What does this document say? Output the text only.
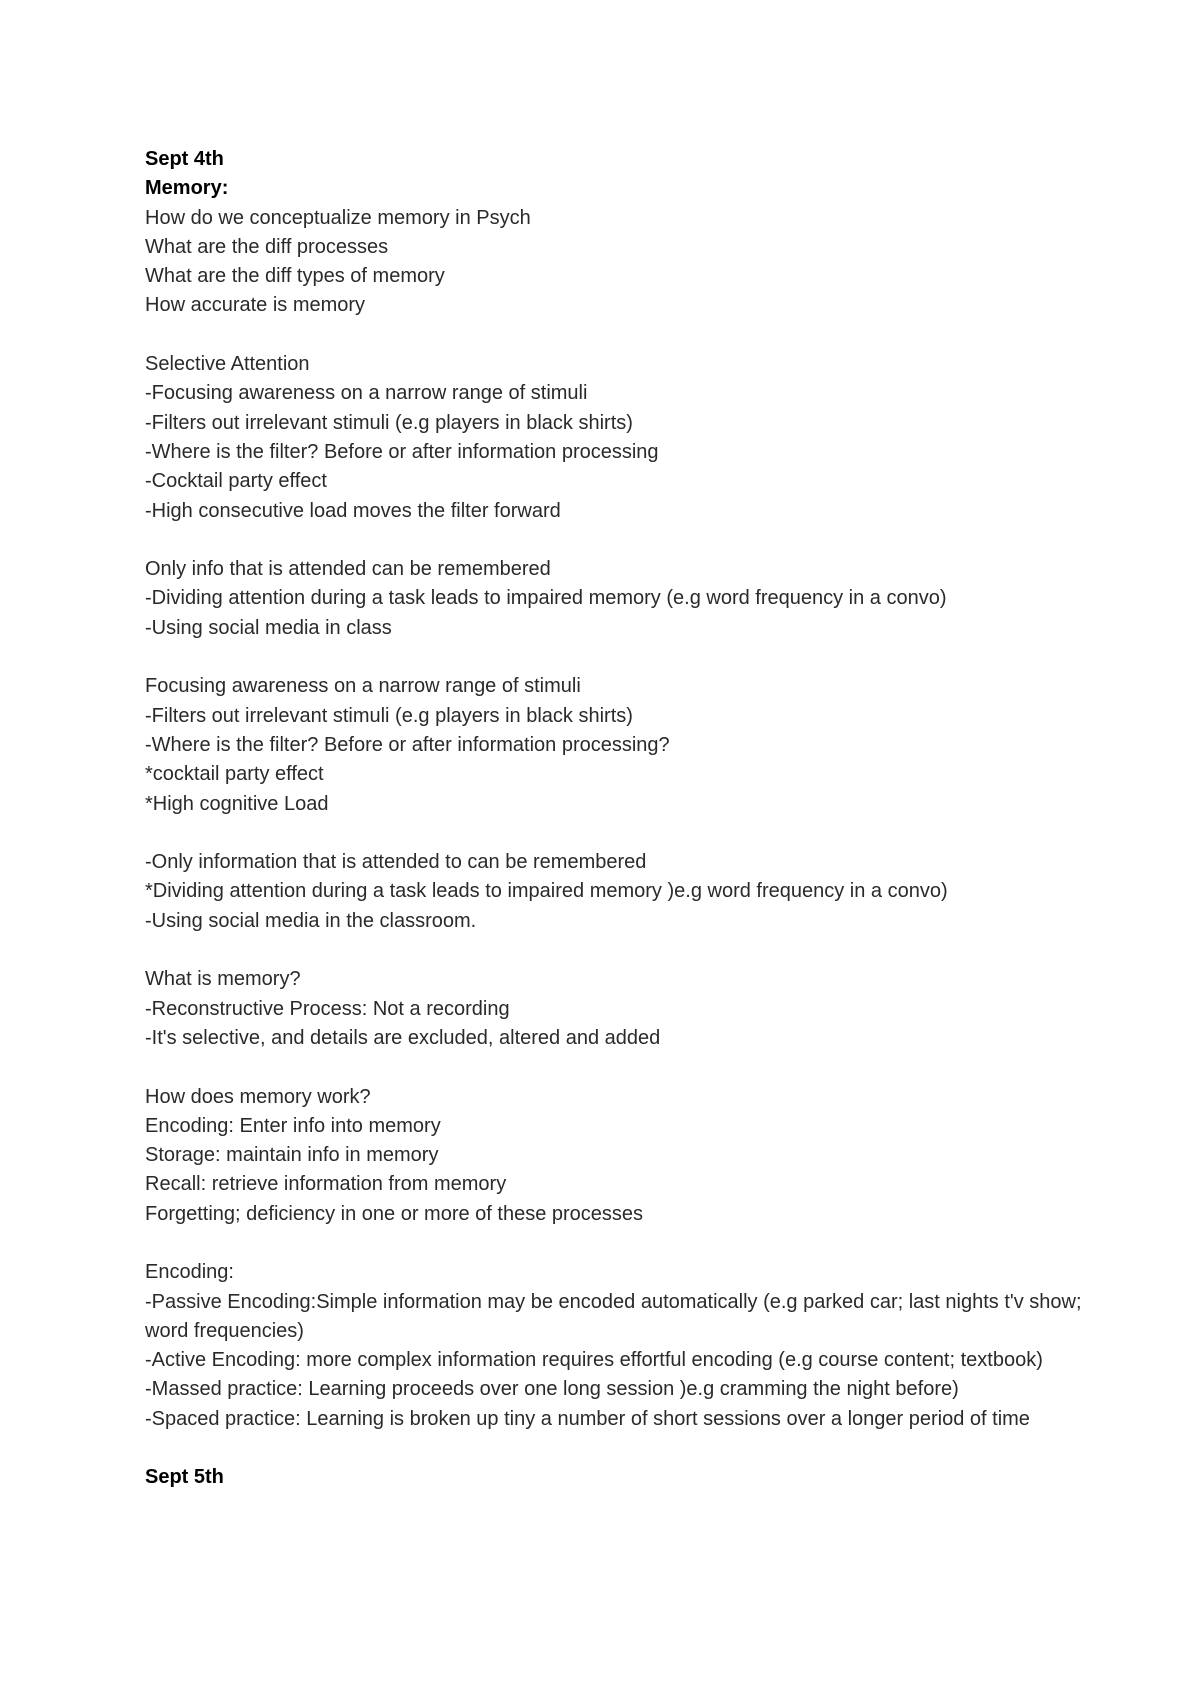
Sept 4th
Memory:
How do we conceptualize memory in Psych
What are the diff processes
What are the diff types of memory
How accurate is memory
Selective Attention
-Focusing awareness on a narrow range of stimuli
-Filters out irrelevant stimuli (e.g players in black shirts)
-Where is the filter? Before or after information processing
-Cocktail party effect
-High consecutive load moves the filter forward
Only info that is attended can be remembered
-Dividing attention during a task leads to impaired memory (e.g word frequency in a convo)
-Using social media in class
Focusing awareness on a narrow range of stimuli
-Filters out irrelevant stimuli (e.g players in black shirts)
-Where is the filter? Before or after information processing?
*cocktail party effect
*High cognitive Load
-Only information that is attended to can be remembered
*Dividing attention during a task leads to impaired memory )e.g word frequency in a convo)
-Using social media in the classroom.
What is memory?
-Reconstructive Process: Not a recording
-It's selective, and details are excluded, altered and added
How does memory work?
Encoding: Enter info into memory
Storage: maintain info in memory
Recall: retrieve information from memory
Forgetting; deficiency in one or more of these processes
Encoding:
-Passive Encoding:Simple information may be encoded automatically (e.g parked car; last nights t'v show; word frequencies)
-Active Encoding: more complex information requires effortful encoding (e.g course content; textbook)
-Massed practice: Learning proceeds over one long session )e.g cramming the night before)
-Spaced practice: Learning is broken up tiny a number of short sessions over a longer period of time
Sept 5th
